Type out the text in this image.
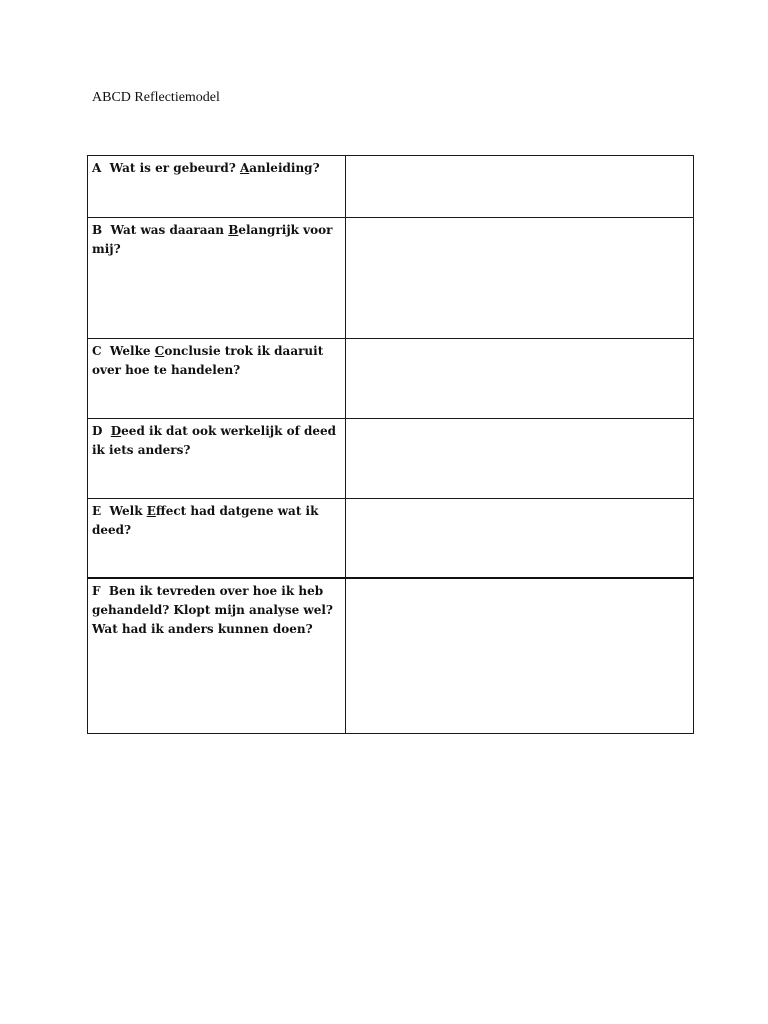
ABCD Reflectiemodel
A Wat is er gebeurd? Aanleiding?	
B Wat was daaraan Belangrijk voor mij?	
C Welke Conclusie trok ik daaruit over hoe te handelen?	
D Deed ik dat ook werkelijk of deed ik iets anders?	
E Welk Effect had datgene wat ik deed?	
F Ben ik tevreden over hoe ik heb gehandeld? Klopt mijn analyse wel? Wat had ik anders kunnen doen?	
